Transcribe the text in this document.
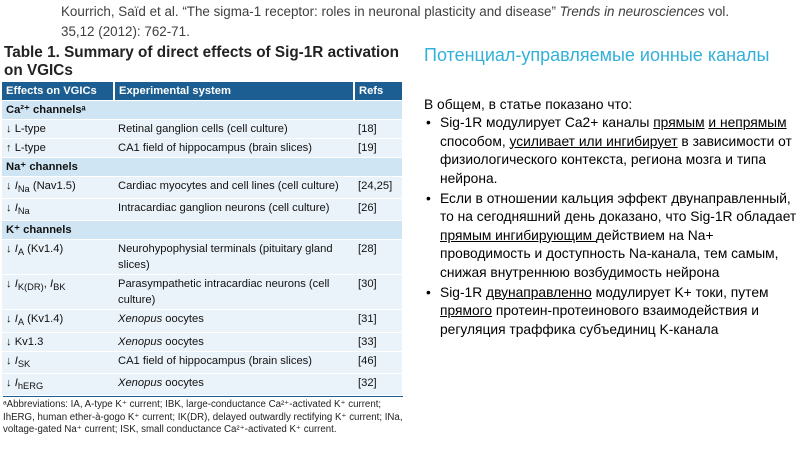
Kourrich, Saïd et al. “The sigma-1 receptor: roles in neuronal plasticity and disease” Trends in neurosciences vol. 35,12 (2012): 762-71.
Table 1. Summary of direct effects of Sig-1R activation on VGICs
Effects on VGICs	Experimental system	Refs
Ca²⁺ channelsᵃ		
↓ L-type	Retinal ganglion cells (cell culture)	[18]
↑ L-type	CA1 field of hippocampus (brain slices)	[19]
Na⁺ channels		
↓ $I_{Na}$ (Nav1.5)	Cardiac myocytes and cell lines (cell culture)	[24,25]
↓ $I_{Na}$	Intracardiac ganglion neurons (cell culture)	[26]
K⁺ channels		
↓ $I_A$ (Kv1.4)	Neurohypophysial terminals (pituitary gland slices)	[28]
↓ $I_{K(DR)}$, $I_{BK}$	Parasympathetic intracardiac neurons (cell culture)	[30]
↓ $I_A$ (Kv1.4)	Xenopus oocytes	[31]
↓ Kv1.3	Xenopus oocytes	[33]
↓ $I_{SK}$	CA1 field of hippocampus (brain slices)	[46]
↓ $I_{hERG}$	Xenopus oocytes	[32]
ᵃAbbreviations: IA, A-type K⁺ current; IBK, large-conductance Ca²⁺-activated K⁺ current; IhERG, human ether-à-gogo K⁺ current; IK(DR), delayed outwardly rectifying K⁺ current; INa, voltage-gated Na⁺ current; ISK, small conductance Ca²⁺-activated K⁺ current.
Потенциал-управляемые ионные каналы
В общем, в статье показано что:
• Sig-1R модулирует Ca2+ каналы прямым и непрямым способом, усиливает или ингибирует в зависимости от физиологического контекста, региона мозга и типа нейрона.
• Если в отношении кальция эффект двунаправленный, то на сегодняшний день доказано, что Sig-1R обладает прямым ингибирующим действием на Na+ проводимость и доступность Na-канала, тем самым, снижая внутреннюю возбудимость нейрона
• Sig-1R двунаправленно модулирует K+ токи, путем прямого протеин-протеинового взаимодействия и регуляция траффика субъединиц K-канала
